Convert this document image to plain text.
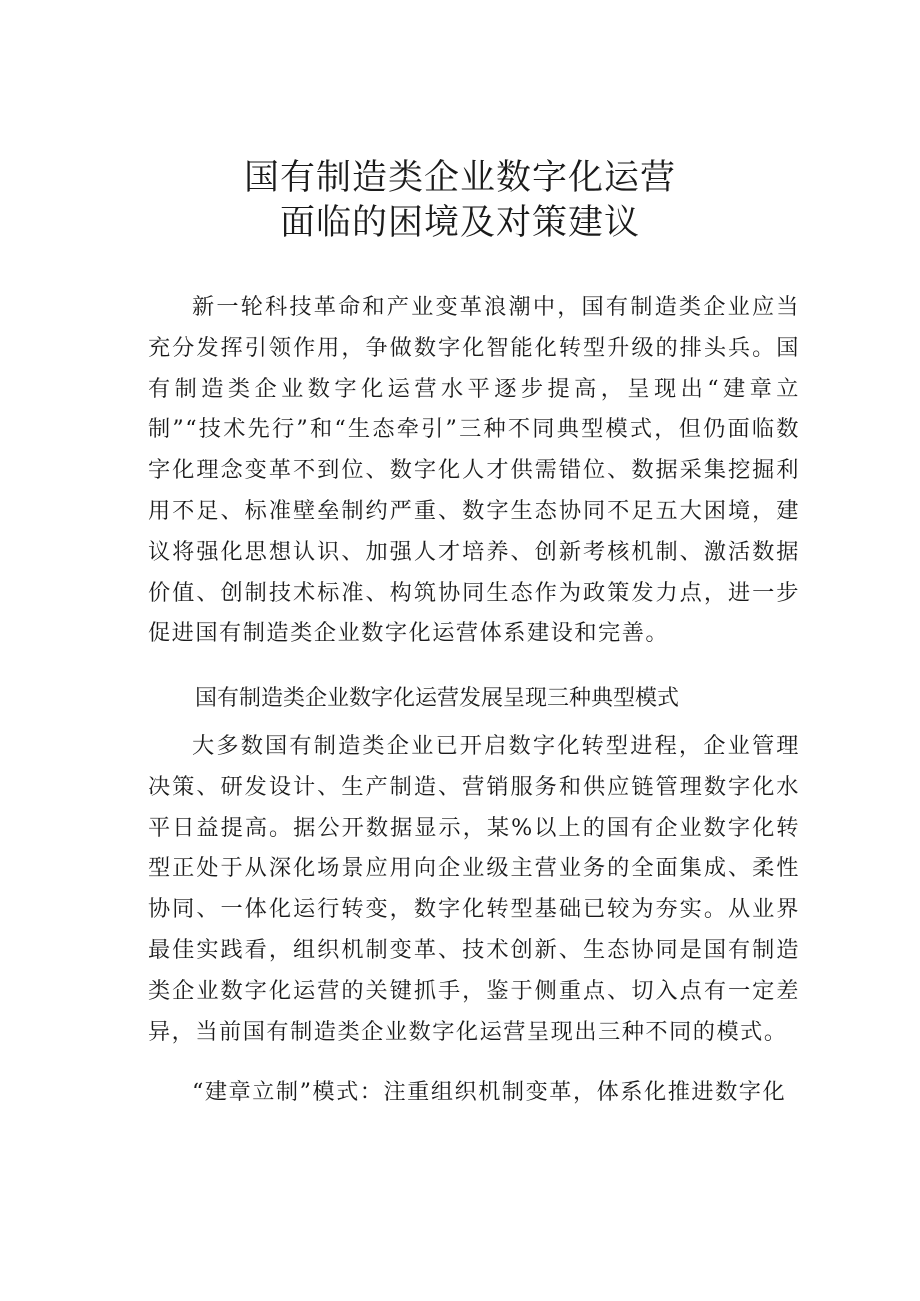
国有制造类企业数字化运营
面临的困境及对策建议

新一轮科技革命和产业变革浪潮中，国有制造类企业应当充分发挥引领作用，争做数字化智能化转型升级的排头兵。国有制造类企业数字化运营水平逐步提高，呈现出“建章立制”“技术先行”和“生态牵引”三种不同典型模式，但仍面临数字化理念变革不到位、数字化人才供需错位、数据采集挖掘利用不足、标准壁垒制约严重、数字生态协同不足五大困境，建议将强化思想认识、加强人才培养、创新考核机制、激活数据价值、创制技术标准、构筑协同生态作为政策发力点，进一步促进国有制造类企业数字化运营体系建设和完善。

国有制造类企业数字化运营发展呈现三种典型模式

大多数国有制造类企业已开启数字化转型进程，企业管理决策、研发设计、生产制造、营销服务和供应链管理数字化水平日益提高。据公开数据显示，某%以上的国有企业数字化转型正处于从深化场景应用向企业级主营业务的全面集成、柔性协同、一体化运行转变，数字化转型基础已较为夯实。从业界最佳实践看，组织机制变革、技术创新、生态协同是国有制造类企业数字化运营的关键抓手，鉴于侧重点、切入点有一定差异，当前国有制造类企业数字化运营呈现出三种不同的模式。

“建章立制”模式：注重组织机制变革，体系化推进数字化
